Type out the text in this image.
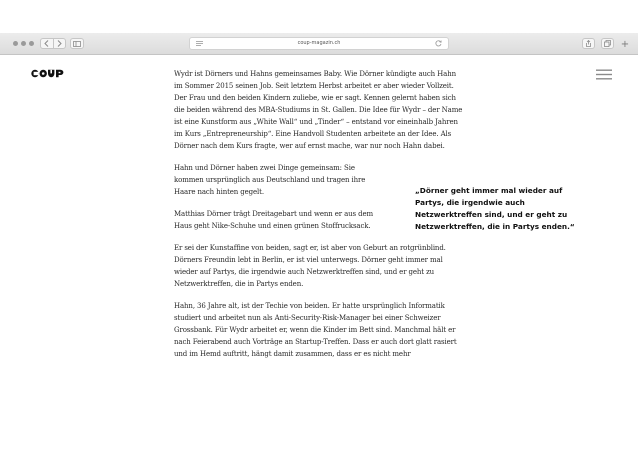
coup-magazin.ch	+

Wydr ist Dörners und Hahns gemeinsames Baby. Wie Dörner kündigte auch Hahn im Sommer 2015 seinen Job. Seit letztem Herbst arbeitet er aber wieder Vollzeit. Der Frau und den beiden Kindern zuliebe, wie er sagt. Kennen gelernt haben sich die beiden während des MBA-Studiums in St. Gallen. Die Idee für Wydr – der Name ist eine Kunstform aus „White Wall“ und „Tinder“ – entstand vor eineinhalb Jahren im Kurs „Entrepreneurship“. Eine Handvoll Studenten arbeitete an der Idee. Als Dörner nach dem Kurs fragte, wer auf ernst mache, war nur noch Hahn dabei.

Hahn und Dörner haben zwei Dinge gemeinsam: Sie kommen ursprünglich aus Deutschland und tragen ihre Haare nach hinten gegelt.

Matthias Dörner trägt Dreitagebart und wenn er aus dem Haus geht Nike-Schuhe und einen grünen Stoffrucksack.

Er sei der Kunstaffine von beiden, sagt er, ist aber von Geburt an rotgrünblind. Dörners Freundin lebt in Berlin, er ist viel unterwegs. Dörner geht immer mal wieder auf Partys, die irgendwie auch Netzwerktreffen sind, und er geht zu Netzwerktreffen, die in Partys enden.

Hahn, 36 Jahre alt, ist der Techie von beiden. Er hatte ursprünglich Informatik studiert und arbeitet nun als Anti-Security-Risk-Manager bei einer Schweizer Grossbank. Für Wydr arbeitet er, wenn die Kinder im Bett sind. Manchmal hält er nach Feierabend auch Vorträge an Startup-Treffen. Dass er auch dort glatt rasiert und im Hemd auftritt, hängt damit zusammen, dass er es nicht mehr

„Dörner geht immer mal wieder auf Partys, die irgendwie auch Netzwerktreffen sind, und er geht zu Netzwerktreffen, die in Partys enden.“
